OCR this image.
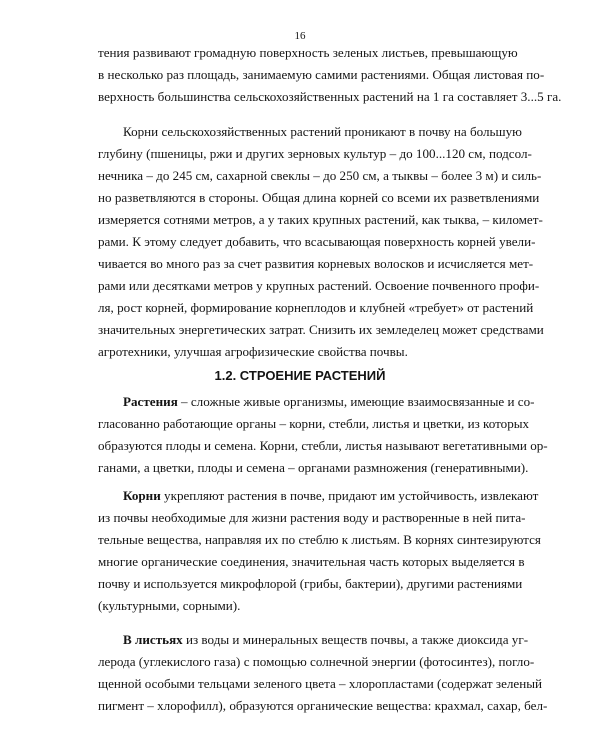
16
тения развивают громадную поверхность зеленых листьев, превышающую
в несколько раз площадь, занимаемую самими растениями. Общая листовая по-
верхность большинства сельскохозяйственных растений на 1 га составляет 3...5 га.
Корни сельскохозяйственных растений проникают в почву на большую
глубину (пшеницы, ржи и других зерновых культур – до 100...120 см, подсол-
нечника – до 245 см, сахарной свеклы – до 250 см, а тыквы – более 3 м) и силь-
но разветвляются в стороны. Общая длина корней со всеми их разветвлениями
измеряется сотнями метров, а у таких крупных растений, как тыква, – километ-
рами. К этому следует добавить, что всасывающая поверхность корней увели-
чивается во много раз за счет развития корневых волосков и исчисляется мет-
рами или десятками метров у крупных растений. Освоение почвенного профи-
ля, рост корней, формирование корнеплодов и клубней «требует» от растений
значительных энергетических затрат. Снизить их земледелец может средствами
агротехники, улучшая агрофизические свойства почвы.
1.2. СТРОЕНИЕ РАСТЕНИЙ
Растения – сложные живые организмы, имеющие взаимосвязанные и со-
гласованно работающие органы – корни, стебли, листья и цветки, из которых
образуются плоды и семена. Корни, стебли, листья называют вегетативными ор-
ганами, а цветки, плоды и семена – органами размножения (генеративными).
Корни укрепляют растения в почве, придают им устойчивость, извлекают
из почвы необходимые для жизни растения воду и растворенные в ней пита-
тельные вещества, направляя их по стеблю к листьям. В корнях синтезируются
многие органические соединения, значительная часть которых выделяется в
почву и используется микрофлорой (грибы, бактерии), другими растениями
(культурными, сорными).
В листьях из воды и минеральных веществ почвы, а также диоксида уг-
лерода (углекислого газа) с помощью солнечной энергии (фотосинтез), погло-
щенной особыми тельцами зеленого цвета – хлоропластами (содержат зеленый
пигмент – хлорофилл), образуются органические вещества: крахмал, сахар, бел-
